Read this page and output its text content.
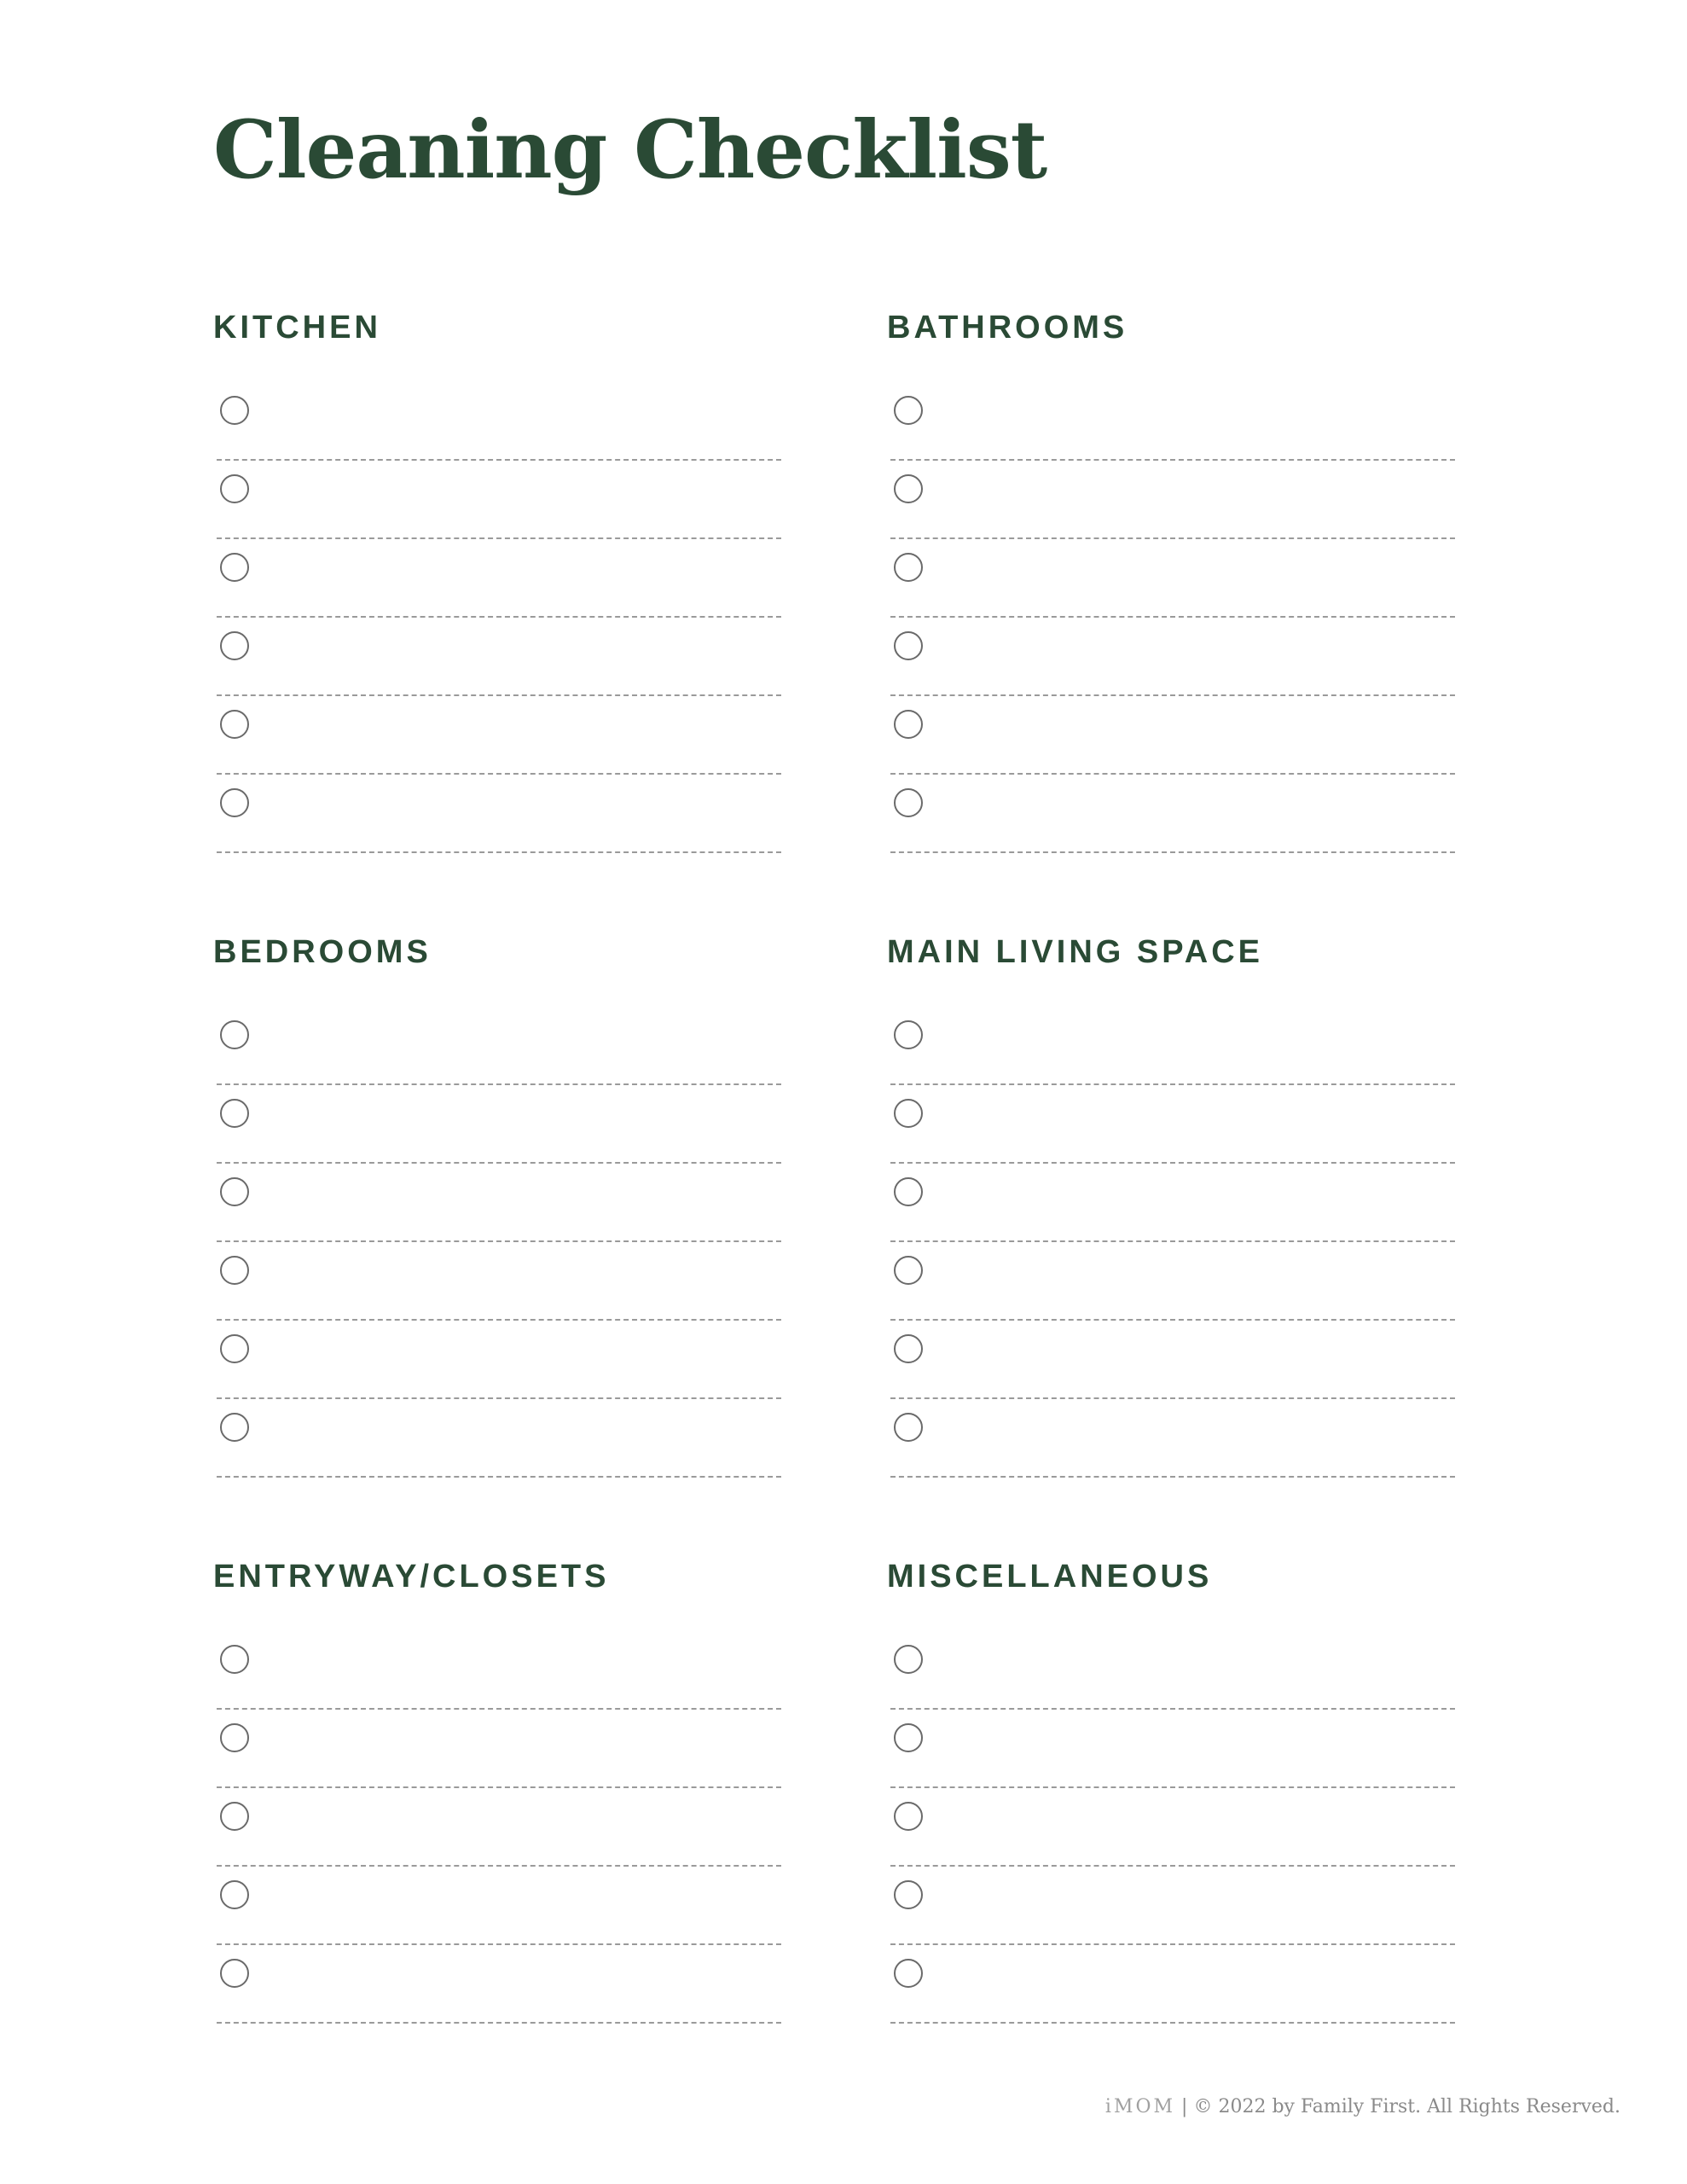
Cleaning Checklist
KITCHEN	BATHROOMS
BEDROOMS	MAIN LIVING SPACE
ENTRYWAY/CLOSETS	MISCELLANEOUS
iMOM | © 2022 by Family First. All Rights Reserved.
